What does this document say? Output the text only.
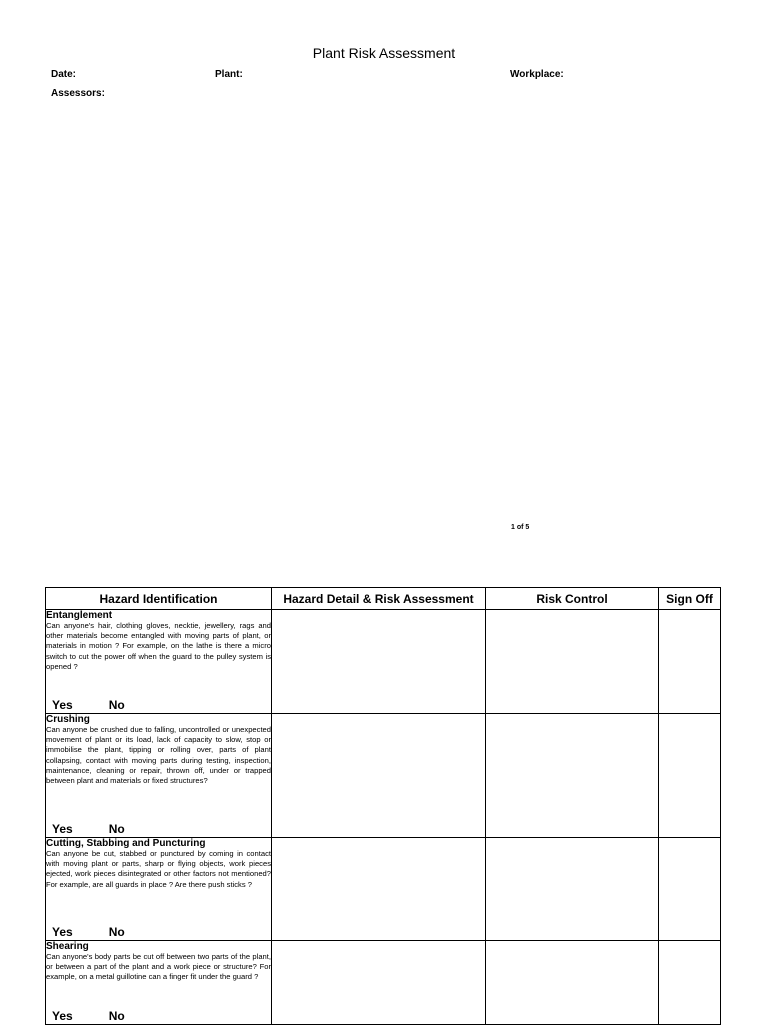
Plant Risk Assessment
Date:	Plant:	Workplace:
Assessors:
1 of 5
Hazard Identification	Hazard Detail & Risk Assessment	Risk Control	Sign Off

Entanglement
Can anyone's hair, clothing gloves, necktie, jewellery, rags and other materials become entangled with moving parts of plant, or materials in motion ? For example, on the lathe is there a micro switch to cut the power off when the guard to the pulley system is opened ?
Yes No			

Crushing
Can anyone be crushed due to falling, uncontrolled or unexpected movement of plant or its load, lack of capacity to slow, stop or immobilise the plant, tipping or rolling over, parts of plant collapsing, contact with moving parts during testing, inspection, maintenance, cleaning or repair, thrown off, under or trapped between plant and materials or fixed structures?
Yes No			

Cutting, Stabbing and Puncturing
Can anyone be cut, stabbed or punctured by coming in contact with moving plant or parts, sharp or flying objects, work pieces ejected, work pieces disintegrated or other factors not mentioned? For example, are all guards in place ? Are there push sticks ?
Yes No			

Shearing
Can anyone's body parts be cut off between two parts of the plant, or between a part of the plant and a work piece or structure? For example, on a metal guillotine can a finger fit under the guard ?
Yes No			
